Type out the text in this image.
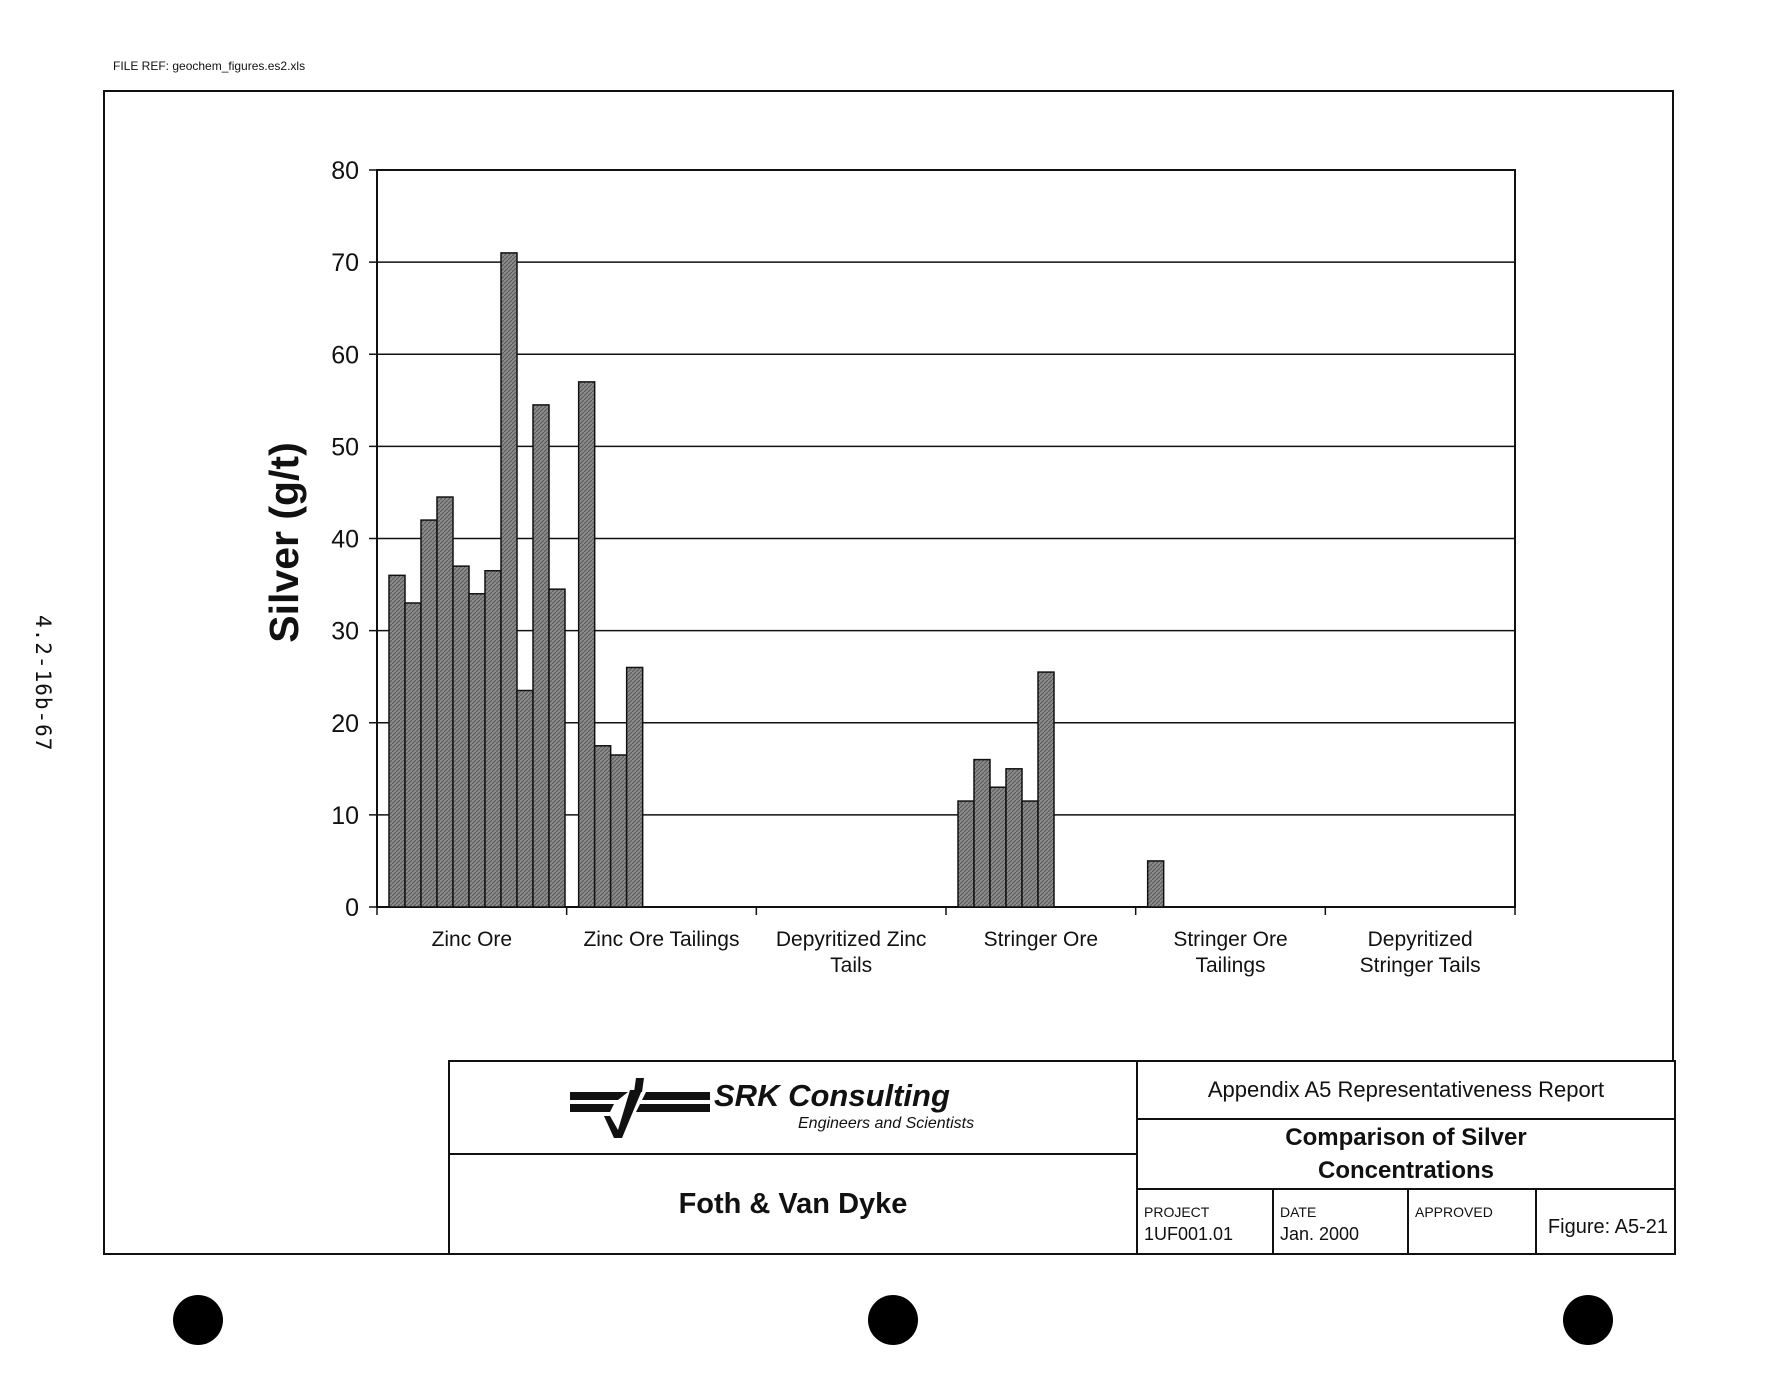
FILE REF: geochem_figures.es2.xls
4.2-16b-67
0
10
20
30
40
50
60
70
80
Silver (g/t)
Zinc Ore	Zinc Ore Tailings Depyritized Zinc
Tails
Stringer Ore	Stringer Ore
Tailings
Depyritized
Stringer Tails
SRK Consulting
Engineers and Scientists
Foth & Van Dyke
Appendix A5 Representativeness Report
Comparison of Silver
Concentrations
PROJECT
1UF001.01
DATE
Jan. 2000
APPROVED
Figure: A5-21
